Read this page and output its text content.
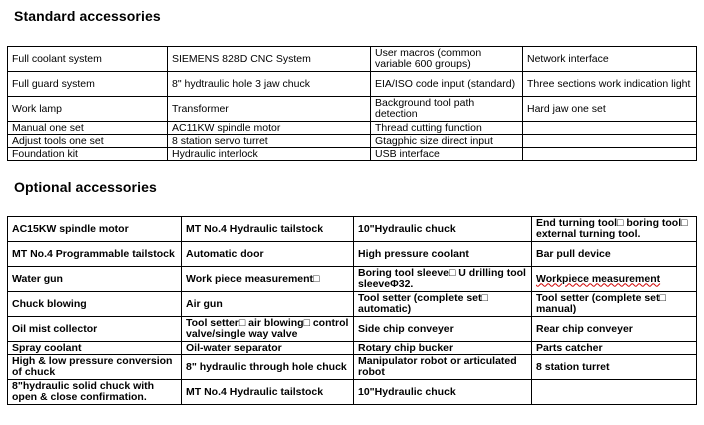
Standard accessories
Full coolant system	SIEMENS 828D CNC System	User macros (common variable 600 groups)	Network interface
Full guard system	8" hydtraulic hole 3 jaw chuck	EIA/ISO code input (standard)	Three sections work indication light
Work lamp	Transformer	Background tool path detection	Hard jaw one set
Manual one set	AC11KW spindle motor	Thread cutting function	
Adjust tools one set	8 station servo turret	Gtagphic size direct input	
Foundation kit	Hydraulic interlock	USB interface	
Optional accessories
AC15KW spindle motor	MT No.4 Hydraulic tailstock	10"Hydraulic chuck	End turning tool□ boring tool□ external turning tool.
MT No.4 Programmable tailstock	Automatic door	High pressure coolant	Bar pull device
Water gun	Work piece measurement□	Boring tool sleeve□ U drilling tool sleeveΦ32.	Workpiece measurement
Chuck blowing	Air gun	Tool setter (complete set□ automatic)	Tool setter (complete set□ manual)
Oil mist collector	Tool setter□ air blowing□ control valve/single way valve	Side chip conveyer	Rear chip conveyer
Spray coolant	Oil-water separator	Rotary chip bucker	Parts catcher
High & low pressure conversion of chuck	8" hydraulic through hole chuck	Manipulator robot or articulated robot	8 station turret
8"hydraulic solid chuck with open & close confirmation.	MT No.4 Hydraulic tailstock	10"Hydraulic chuck	
